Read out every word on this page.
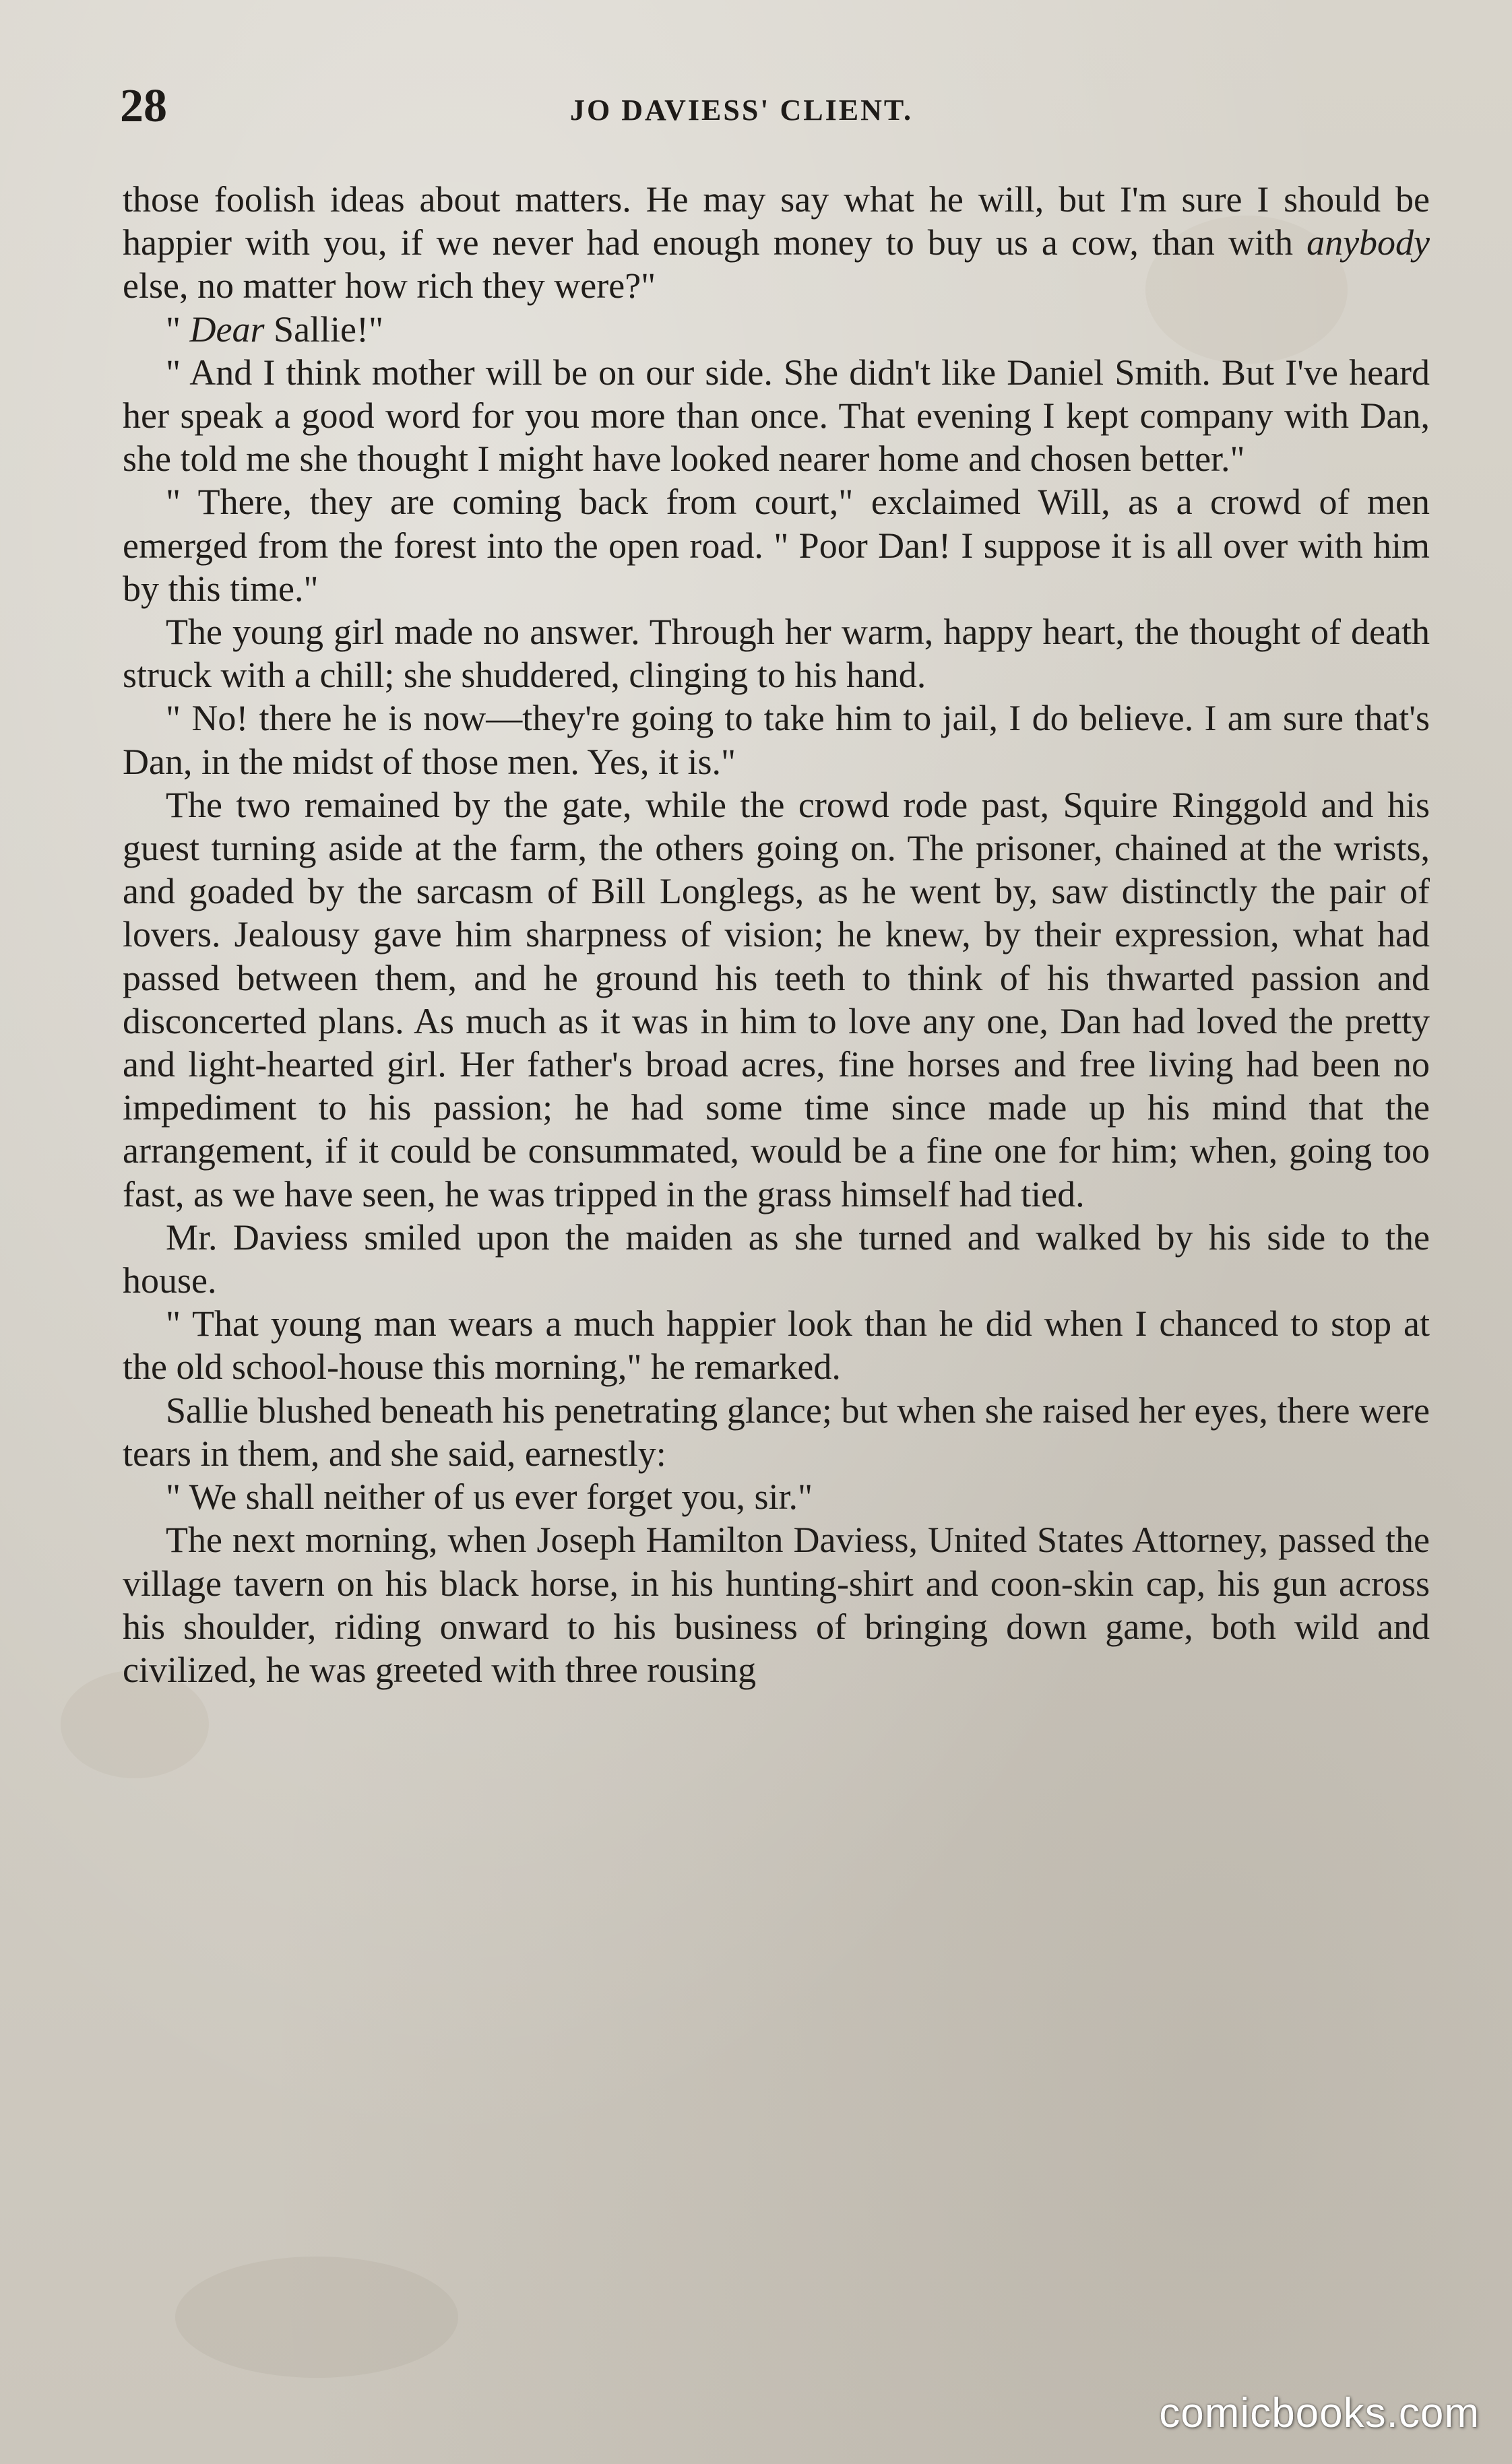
28	JO DAVIESS' CLIENT.

those foolish ideas about matters. He may say what he will, but I'm sure I should be happier with you, if we never had enough money to buy us a cow, than with anybody else, no matter how rich they were?"

" Dear Sallie!"

" And I think mother will be on our side. She didn't like Daniel Smith. But I've heard her speak a good word for you more than once. That evening I kept company with Dan, she told me she thought I might have looked nearer home and chosen better."

" There, they are coming back from court," exclaimed Will, as a crowd of men emerged from the forest into the open road. " Poor Dan! I suppose it is all over with him by this time."

The young girl made no answer. Through her warm, happy heart, the thought of death struck with a chill; she shuddered, clinging to his hand.

" No! there he is now—they're going to take him to jail, I do believe. I am sure that's Dan, in the midst of those men. Yes, it is."

The two remained by the gate, while the crowd rode past, Squire Ringgold and his guest turning aside at the farm, the others going on. The prisoner, chained at the wrists, and goaded by the sarcasm of Bill Longlegs, as he went by, saw distinctly the pair of lovers. Jealousy gave him sharpness of vision; he knew, by their expression, what had passed between them, and he ground his teeth to think of his thwarted passion and disconcerted plans. As much as it was in him to love any one, Dan had loved the pretty and light-hearted girl. Her father's broad acres, fine horses and free living had been no impediment to his passion; he had some time since made up his mind that the arrangement, if it could be consummated, would be a fine one for him; when, going too fast, as we have seen, he was tripped in the grass himself had tied.

Mr. Daviess smiled upon the maiden as she turned and walked by his side to the house.

" That young man wears a much happier look than he did when I chanced to stop at the old school-house this morning," he remarked.

Sallie blushed beneath his penetrating glance; but when she raised her eyes, there were tears in them, and she said, earnestly:

" We shall neither of us ever forget you, sir."

The next morning, when Joseph Hamilton Daviess, United States Attorney, passed the village tavern on his black horse, in his hunting-shirt and coon-skin cap, his gun across his shoulder, riding onward to his business of bringing down game, both wild and civilized, he was greeted with three rousing

comicbooks.com
